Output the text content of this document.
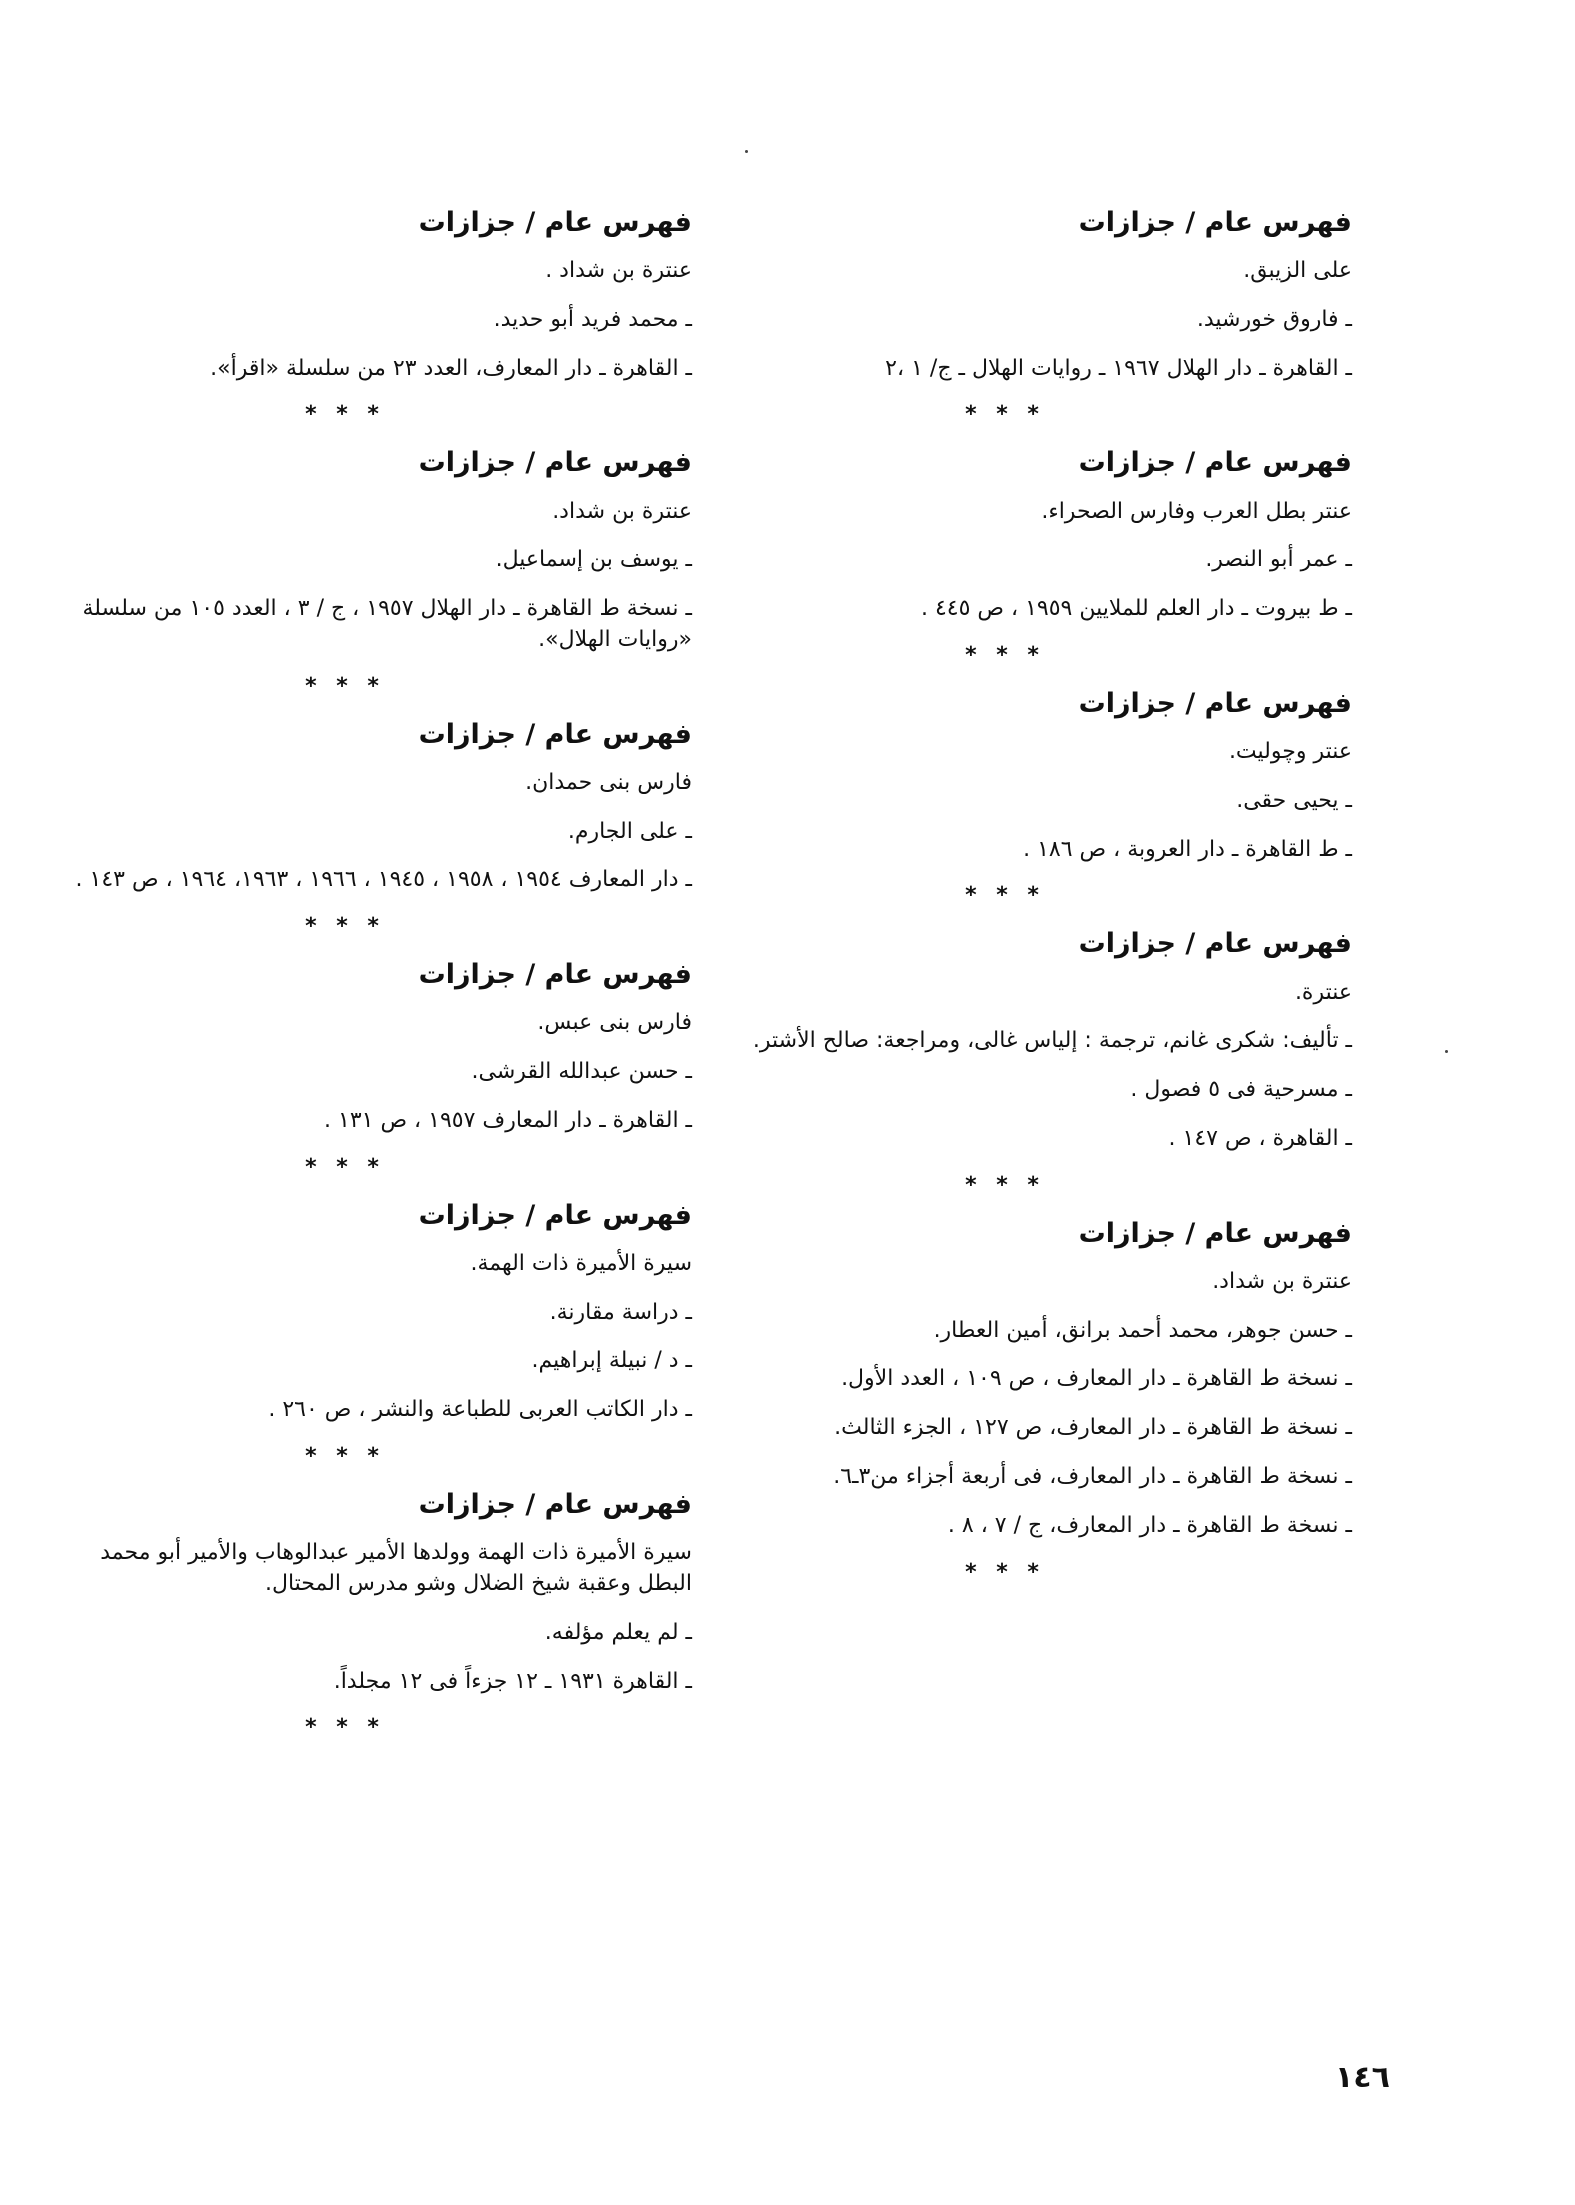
فهرس عام / جزازات
على الزيبق.
ـ فاروق خورشيد.
ـ القاهرة ـ دار الهلال ١٩٦٧ ـ روايات الهلال ـ ج/ ١ ،٢
* * *
فهرس عام / جزازات
عنتر بطل العرب وفارس الصحراء.
ـ عمر أبو النصر.
ـ ط بيروت ـ دار العلم للملايين ١٩٥٩ ، ص ٤٤٥ .
* * *
فهرس عام / جزازات
عنتر وچوليت.
ـ يحيى حقى.
ـ ط القاهرة ـ دار العروبة ، ص ١٨٦ .
* * *
فهرس عام / جزازات
عنترة.
ـ تأليف: شكرى غانم، ترجمة : إلياس غالى، ومراجعة: صالح الأشتر.
ـ مسرحية فى ٥ فصول .
ـ القاهرة ، ص ١٤٧ .
* * *
فهرس عام / جزازات
عنترة بن شداد.
ـ حسن جوهر، محمد أحمد برانق، أمين العطار.
ـ نسخة ط القاهرة ـ دار المعارف ، ص ١٠٩ ، العدد الأول.
ـ نسخة ط القاهرة ـ دار المعارف، ص ١٢٧ ، الجزء الثالث.
ـ نسخة ط القاهرة ـ دار المعارف، فى أربعة أجزاء من٣ـ٦.
ـ نسخة ط القاهرة ـ دار المعارف، ج / ٧ ، ٨ .
* * *
فهرس عام / جزازات
عنترة بن شداد .
ـ محمد فريد أبو حديد.
ـ القاهرة ـ دار المعارف، العدد ٢٣ من سلسلة «اقرأ».
* * *
فهرس عام / جزازات
عنترة بن شداد.
ـ يوسف بن إسماعيل.
ـ نسخة ط القاهرة ـ دار الهلال ١٩٥٧ ، ج / ٣ ، العدد ١٠٥ من سلسلة «روايات الهلال».
* * *
فهرس عام / جزازات
فارس بنى حمدان.
ـ على الجارم.
ـ دار المعارف ١٩٥٤ ، ١٩٥٨ ، ١٩٤٥ ، ١٩٦٦ ، ١٩٦٣، ١٩٦٤ ، ص ١٤٣ .
* * *
فهرس عام / جزازات
فارس بنى عبس.
ـ حسن عبدالله القرشى.
ـ القاهرة ـ دار المعارف ١٩٥٧ ، ص ١٣١ .
* * *
فهرس عام / جزازات
سيرة الأميرة ذات الهمة.
ـ دراسة مقارنة.
ـ د / نبيلة إبراهيم.
ـ دار الكاتب العربى للطباعة والنشر ، ص ٢٦٠ .
* * *
فهرس عام / جزازات
سيرة الأميرة ذات الهمة وولدها الأمير عبدالوهاب والأمير أبو محمد البطل وعقبة شيخ الضلال وشو مدرس المحتال.
ـ لم يعلم مؤلفه.
ـ القاهرة ١٩٣١ ـ ١٢ جزءاً فى ١٢ مجلداً.
* * *
١٤٦
